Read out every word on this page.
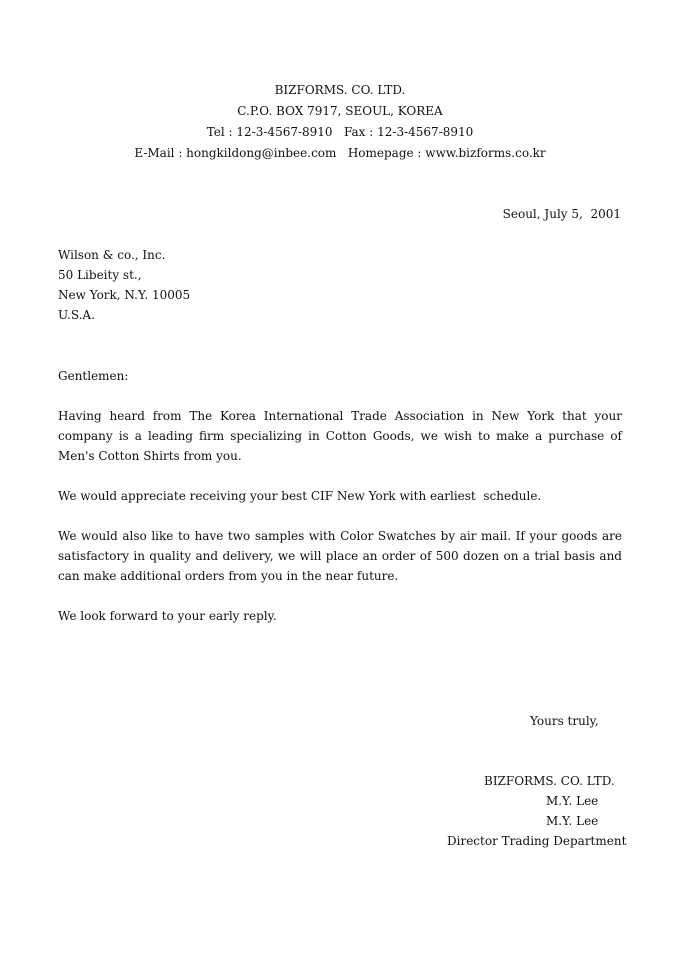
BIZFORMS. CO. LTD.
C.P.O. BOX 7917, SEOUL, KOREA
Tel : 12-3-4567-8910   Fax : 12-3-4567-8910
E-Mail : hongkildong@inbee.com   Homepage : www.bizforms.co.kr
Seoul, July 5,  2001
Wilson & co., Inc.
50 Libeity st.,
New York, N.Y. 10005
U.S.A.
Gentlemen:
Having heard from The Korea International Trade Association in New York that your company is a leading firm specializing in Cotton Goods, we wish to make a purchase of Men's Cotton Shirts from you.
We would appreciate receiving your best CIF New York with earliest  schedule.
We would also like to have two samples with Color Swatches by air mail. If your goods are satisfactory in quality and delivery, we will place an order of 500 dozen on a trial basis and can make additional orders from you in the near future.
We look forward to your early reply.
Yours truly,
BIZFORMS. CO. LTD.
M.Y. Lee
M.Y. Lee
Director Trading Department
